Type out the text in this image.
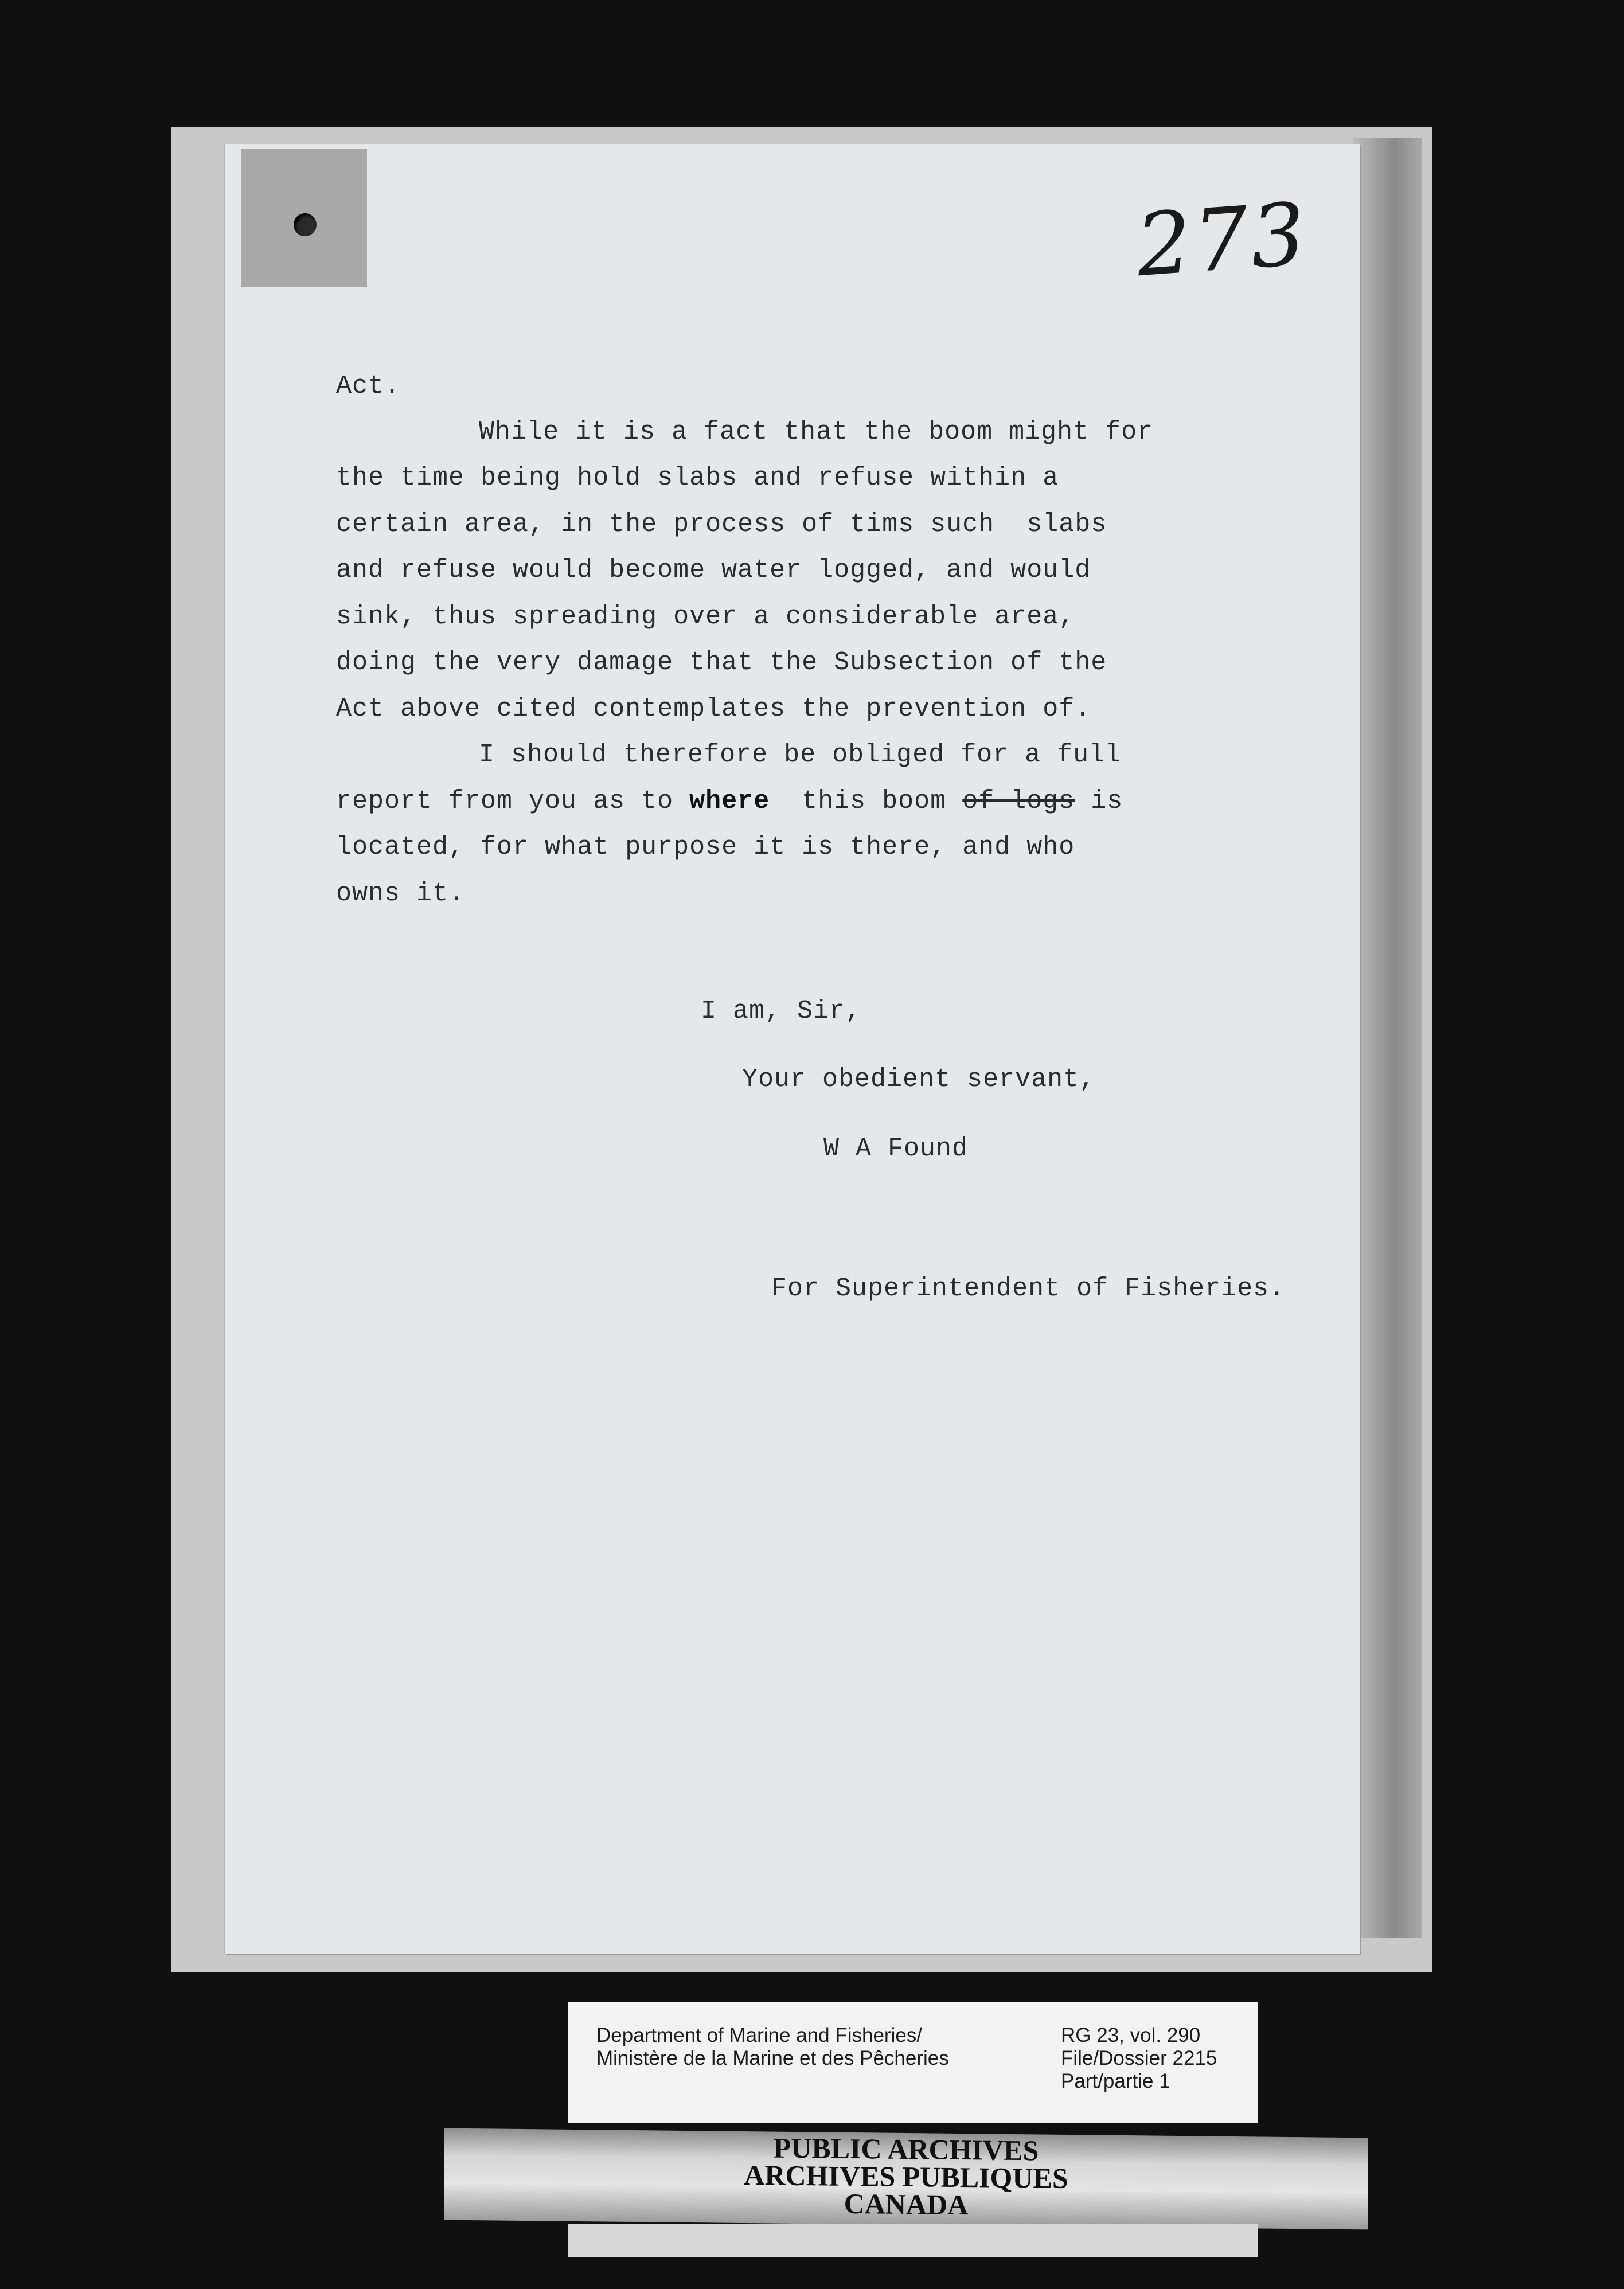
273
Act.
While it is a fact that the boom might for
the time being hold slabs and refuse within a
certain area, in the process of tims such  slabs
and refuse would become water logged, and would
sink, thus spreading over a considerable area,
doing the very damage that the Subsection of the
Act above cited contemplates the prevention of.
I should therefore be obliged for a full
report from you as to where  this boom of logs is
located, for what purpose it is there, and who
owns it.
I am, Sir,
Your obedient servant,
W A Found
For Superintendent of Fisheries.
Department of Marine and Fisheries/
Ministère de la Marine et des Pêcheries
RG 23, vol. 290
File/Dossier 2215
Part/partie 1
PUBLIC ARCHIVES
ARCHIVES PUBLIQUES
CANADA
